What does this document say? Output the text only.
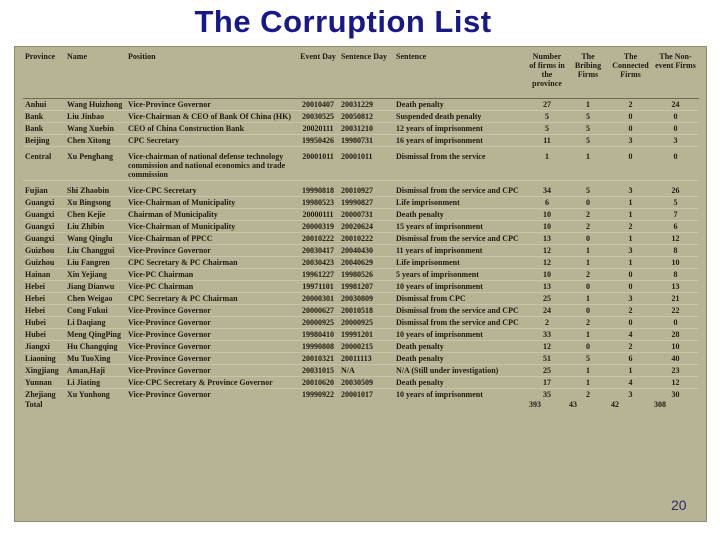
The Corruption List
Province	Name	Position	Event Day	Sentence Day	Sentence	Number of firms in the province	The Bribing Firms	The Connected Firms	The Non-event Firms
Anhui	Wang Huizhong	Vice-Province Governor	20010407	20031229	Death penalty	27	1	2	24
Bank	Liu Jinbao	Vice-Chairman & CEO of Bank Of China (HK)	20030525	20050812	Suspended death penalty	5	5	0	0
Bank	Wang Xuebin	CEO of China Construction Bank	20020111	20031210	12 years of imprisonment	5	5	0	0
Beijing	Chen Xitong	CPC Secretary	19950426	19980731	16 years of imprisonment	11	5	3	3
Central	Xu Penghang	Vice-chairman of national defense technology commission and national economics and trade commission	20001011	20001011	Dismissal from the service	1	1	0	0
Fujian	Shi Zhaobin	Vice-CPC Secretary	19990818	20010927	Dismissal from the service and CPC	34	5	3	26
Guangxi	Xu Bingsong	Vice-Chairman of Municipality	19980523	19990827	Life imprisonment	6	0	1	5
Guangxi	Chen Kejie	Chairman of Municipality	20000111	20000731	Death penalty	10	2	1	7
Guangxi	Liu Zhibin	Vice-Chairman of Municipality	20000319	20020624	15 years of imprisonment	10	2	2	6
Guangxi	Wang Qinglu	Vice-Chairman of PPCC	20010222	20010222	Dismissal from the service and CPC	13	0	1	12
Guizhou	Liu Changgui	Vice-Province Governor	20030417	20040430	11 years of imprisonment	12	1	3	8
Guizhou	Liu Fangren	CPC Secretary & PC Chairman	20030423	20040629	Life imprisonment	12	1	1	10
Hainan	Xin Yejiang	Vice-PC Chairman	19961227	19980526	5 years of imprisonment	10	2	0	8
Hebei	Jiang Dianwu	Vice-PC Chairman	19971101	19981207	10 years of imprisonment	13	0	0	13
Hebei	Chen Weigao	CPC Secretary & PC Chairman	20000301	20030809	Dismissal from CPC	25	1	3	21
Hebei	Cong Fukui	Vice-Province Governor	20000627	20010518	Dismissal from the service and CPC	24	0	2	22
Hubei	Li Daqiang	Vice-Province Governor	20000925	20000925	Dismissal from the service and CPC	2	2	0	0
Hubei	Meng QingPing	Vice-Province Governor	19980410	19991201	10 years of imprisonment	33	1	4	28
Jiangxi	Hu Changqing	Vice-Province Governor	19990808	20000215	Death penalty	12	0	2	10
Liaoning	Mu TuoXing	Vice-Province Governor	20010321	20011113	Death penalty	51	5	6	40
Xingjiang	Aman,Haji	Vice-Province Governor	20031015	N/A	N/A (Still under investigation)	25	1	1	23
Yunnan	Li Jiating	Vice-CPC Secretary & Province Governor	20010620	20030509	Death penalty	17	1	4	12
Zhejiang	Xu Yunhong	Vice-Province Governor	19990922	20001017	10 years of imprisonment	35	2	3	30
Total						393	43	42	308
20
